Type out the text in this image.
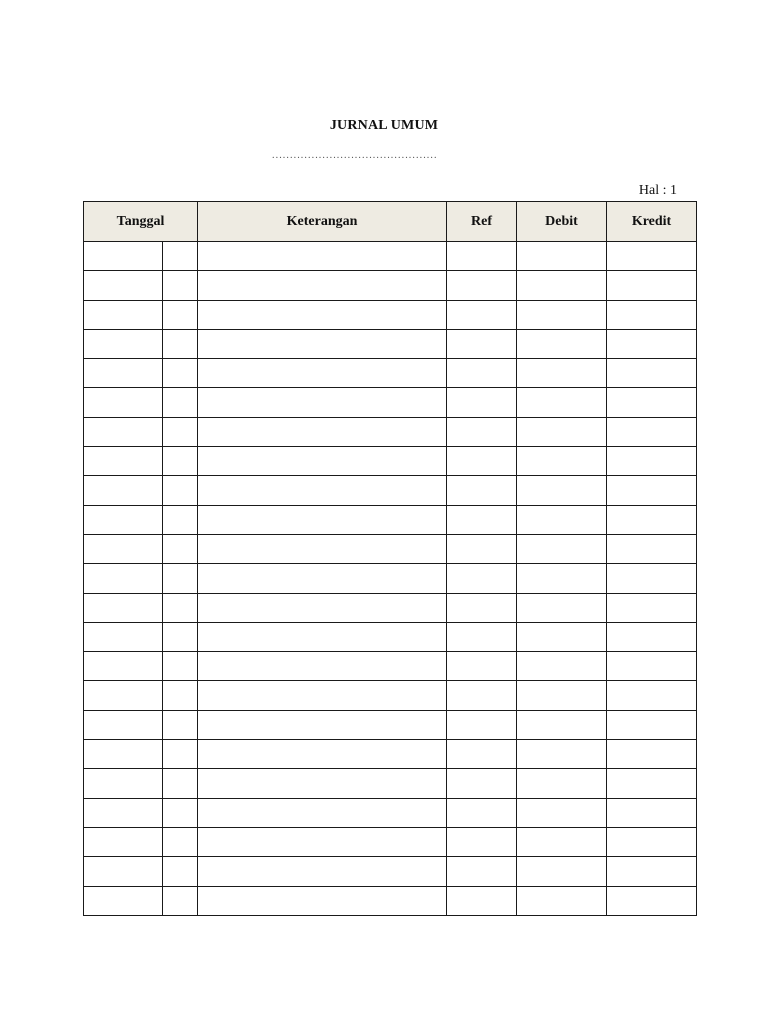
JURNAL UMUM
..............................................
Hal : 1
Tanggal		Keterangan	Ref	Debit	Kredit
